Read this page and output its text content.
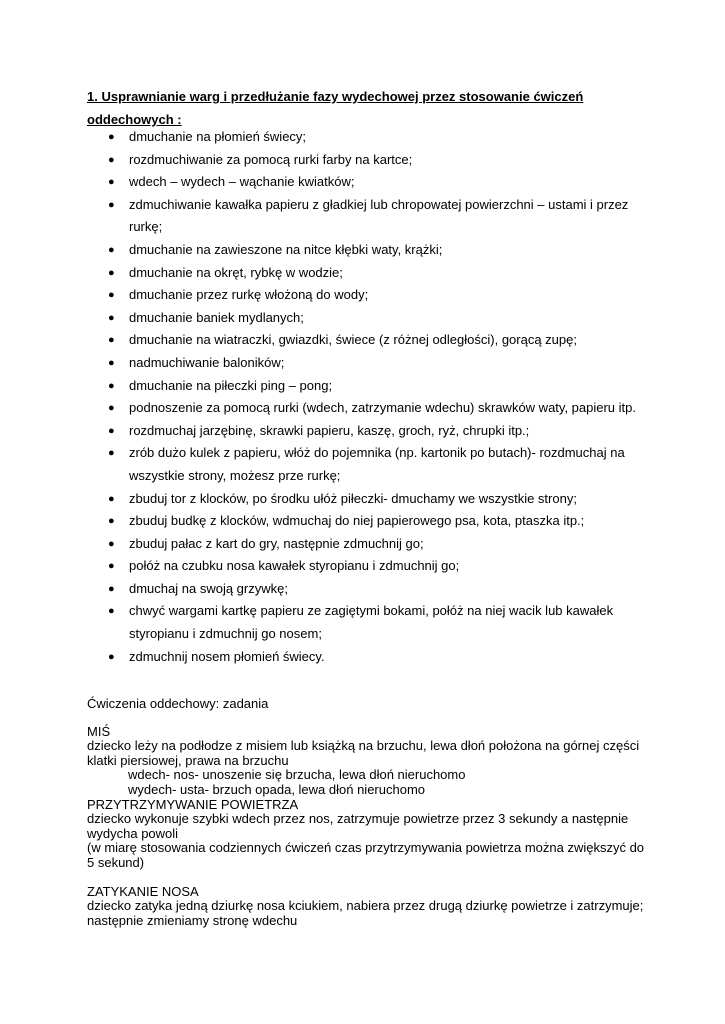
1. Usprawnianie warg i przedłużanie fazy wydechowej przez stosowanie ćwiczeń
oddechowych :
● dmuchanie na płomień świecy;
● rozdmuchiwanie za pomocą rurki farby na kartce;
● wdech – wydech – wąchanie kwiatków;
● zdmuchiwanie kawałka papieru z gładkiej lub chropowatej powierzchni – ustami i przez rurkę;
● dmuchanie na zawieszone na nitce kłębki waty, krążki;
● dmuchanie na okręt, rybkę w wodzie;
● dmuchanie przez rurkę włożoną do wody;
● dmuchanie baniek mydlanych;
● dmuchanie na wiatraczki, gwiazdki, świece (z różnej odległości), gorącą zupę;
● nadmuchiwanie baloników;
● dmuchanie na piłeczki ping – pong;
● podnoszenie za pomocą rurki (wdech, zatrzymanie wdechu) skrawków waty, papieru itp.
● rozdmuchaj jarzębinę, skrawki papieru, kaszę, groch, ryż, chrupki itp.;
● zrób dużo kulek z papieru, włóż do pojemnika (np. kartonik po butach)- rozdmuchaj na wszystkie strony, możesz prze rurkę;
● zbuduj tor z klocków, po środku ułóż piłeczki- dmuchamy we wszystkie strony;
● zbuduj budkę z klocków, wdmuchaj do niej papierowego psa, kota, ptaszka itp.;
● zbuduj pałac z kart do gry, następnie zdmuchnij go;
● połóż na czubku nosa kawałek styropianu i zdmuchnij go;
● dmuchaj na swoją grzywkę;
● chwyć wargami kartkę papieru ze zagiętymi bokami, połóż na niej wacik lub kawałek styropianu i zdmuchnij go nosem;
● zdmuchnij nosem płomień świecy.

Ćwiczenia oddechowy: zadania

MIŚ

dziecko leży na podłodze z misiem lub książką na brzuchu, lewa dłoń położona na górnej części klatki piersiowej, prawa na brzuchu

wdech- nos- unoszenie się brzucha, lewa dłoń nieruchomo

wydech- usta- brzuch opada, lewa dłoń nieruchomo

PRZYTRZYMYWANIE POWIETRZA

dziecko wykonuje szybki wdech przez nos, zatrzymuje powietrze przez 3 sekundy a następnie wydycha powoli

(w miarę stosowania codziennych ćwiczeń czas przytrzymywania powietrza można zwiększyć do 5 sekund)

ZATYKANIE NOSA

dziecko zatyka jedną dziurkę nosa kciukiem, nabiera przez drugą dziurkę powietrze i zatrzymuje; następnie zmieniamy stronę wdechu
